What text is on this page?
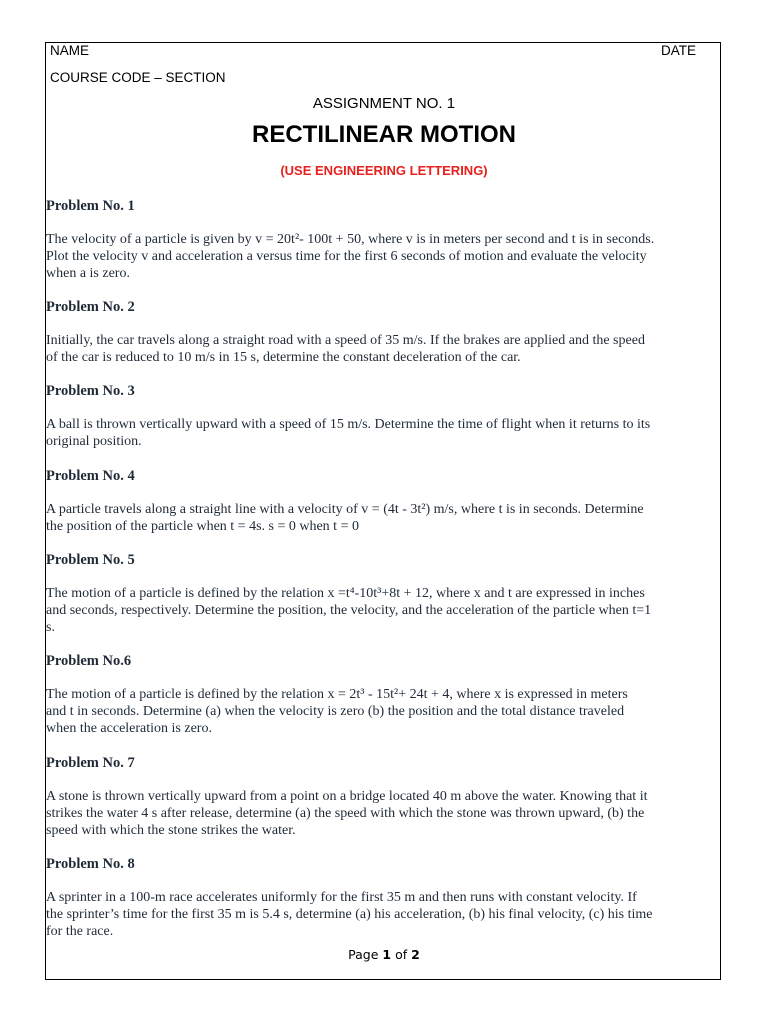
NAME	DATE
COURSE CODE – SECTION
ASSIGNMENT NO. 1
RECTILINEAR MOTION
(USE ENGINEERING LETTERING)

Problem No. 1

The velocity of a particle is given by v = 20t²- 100t + 50, where v is in meters per second and t is in seconds.
Plot the velocity v and acceleration a versus time for the first 6 seconds of motion and evaluate the velocity
when a is zero.

Problem No. 2

Initially, the car travels along a straight road with a speed of 35 m/s. If the brakes are applied and the speed
of the car is reduced to 10 m/s in 15 s, determine the constant deceleration of the car.

Problem No. 3

A ball is thrown vertically upward with a speed of 15 m/s. Determine the time of flight when it returns to its
original position.

Problem No. 4

A particle travels along a straight line with a velocity of v = (4t - 3t²) m/s, where t is in seconds. Determine
the position of the particle when t = 4s. s = 0 when t = 0

Problem No. 5

The motion of a particle is defined by the relation x =t⁴-10t³+8t + 12, where x and t are expressed in inches
and seconds, respectively. Determine the position, the velocity, and the acceleration of the particle when t=1
s.

Problem No.6

The motion of a particle is defined by the relation x = 2t³ - 15t²+ 24t + 4, where x is expressed in meters
and t in seconds. Determine (a) when the velocity is zero (b) the position and the total distance traveled
when the acceleration is zero.

Problem No. 7

A stone is thrown vertically upward from a point on a bridge located 40 m above the water. Knowing that it
strikes the water 4 s after release, determine (a) the speed with which the stone was thrown upward, (b) the
speed with which the stone strikes the water.

Problem No. 8

A sprinter in a 100-m race accelerates uniformly for the first 35 m and then runs with constant velocity. If
the sprinter’s time for the first 35 m is 5.4 s, determine (a) his acceleration, (b) his final velocity, (c) his time
for the race.

Page 1 of 2
